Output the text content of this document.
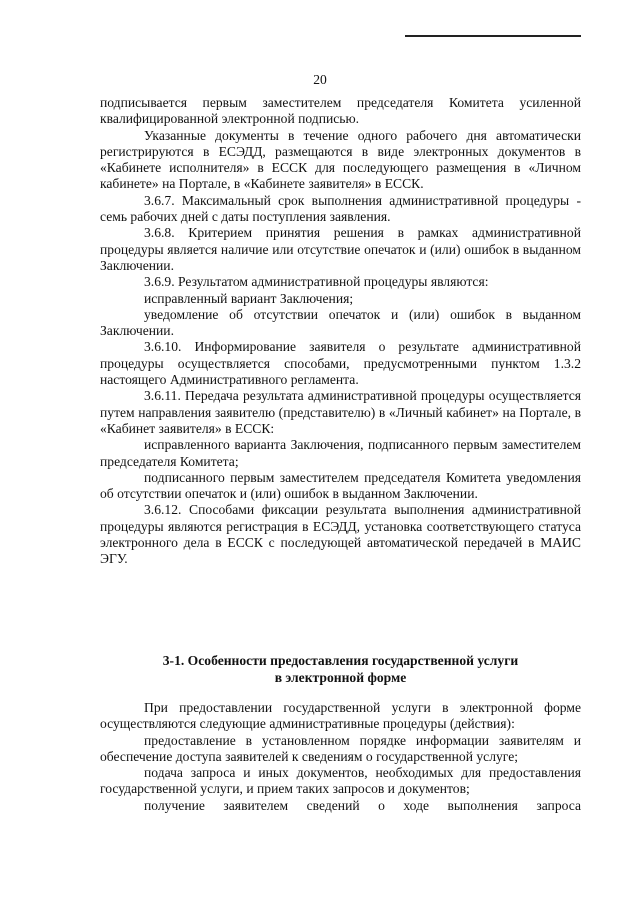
20

подписывается первым заместителем председателя Комитета усиленной квалифицированной электронной подписью.

Указанные документы в течение одного рабочего дня автоматически регистрируются в ЕСЭДД, размещаются в виде электронных документов в «Кабинете исполнителя» в ЕССК для последующего размещения в «Личном кабинете» на Портале, в «Кабинете заявителя» в ЕССК.

3.6.7. Максимальный срок выполнения административной процедуры - семь рабочих дней с даты поступления заявления.

3.6.8. Критерием принятия решения в рамках административной процедуры является наличие или отсутствие опечаток и (или) ошибок в выданном Заключении.

3.6.9. Результатом административной процедуры являются:

исправленный вариант Заключения;

уведомление об отсутствии опечаток и (или) ошибок в выданном Заключении.

3.6.10. Информирование заявителя о результате административной процедуры осуществляется способами, предусмотренными пунктом 1.3.2 настоящего Административного регламента.

3.6.11. Передача результата административной процедуры осуществляется путем направления заявителю (представителю) в «Личный кабинет» на Портале, в «Кабинет заявителя» в ЕССК:

исправленного варианта Заключения, подписанного первым заместителем председателя Комитета;

подписанного первым заместителем председателя Комитета уведомления об отсутствии опечаток и (или) ошибок в выданном Заключении.

3.6.12. Способами фиксации результата выполнения административной процедуры являются регистрация в ЕСЭДД, установка соответствующего статуса электронного дела в ЕССК с последующей автоматической передачей в МАИС ЭГУ.

3-1. Особенности предоставления государственной услуги
в электронной форме

При предоставлении государственной услуги в электронной форме осуществляются следующие административные процедуры (действия):

предоставление в установленном порядке информации заявителям и обеспечение доступа заявителей к сведениям о государственной услуге;

подача запроса и иных документов, необходимых для предоставления государственной услуги, и прием таких запросов и документов;

получение заявителем сведений о ходе выполнения запроса
